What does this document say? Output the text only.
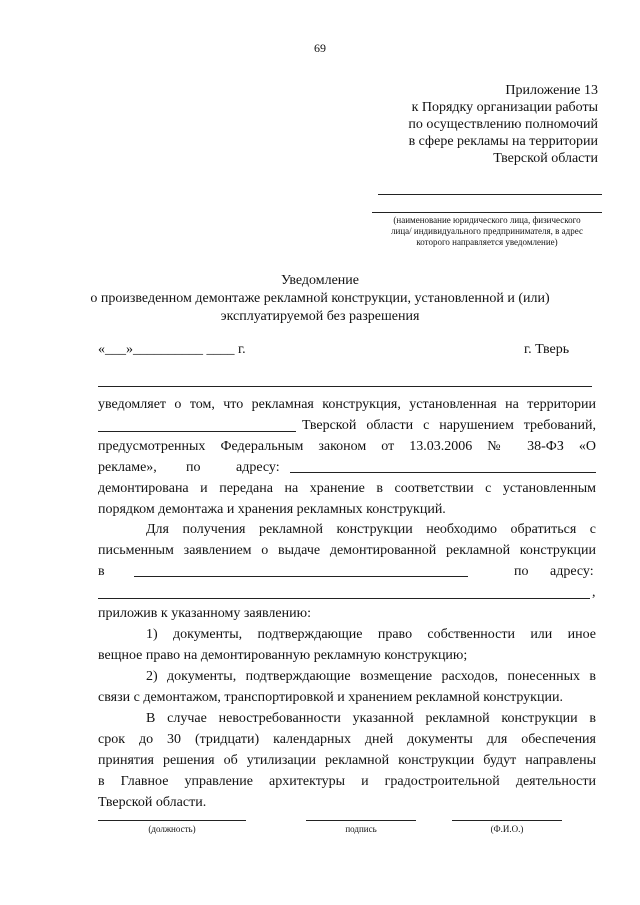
69
Приложение 13
к Порядку организации работы
по осуществлению полномочий
в сфере рекламы на территории
Тверской области
(наименование юридического лица, физического
лица/ индивидуального предпринимателя, в адрес
которого направляется уведомление)
Уведомление
о произведенном демонтаже рекламной конструкции, установленной и (или)
эксплуатируемой без разрешения
«___»__________ ____ г.	г. Тверь
уведомляет о том, что рекламная конструкция, установленная на территории
Тверской области с нарушением требований,
предусмотренных Федеральным законом от 13.03.2006 № 38-ФЗ «О
рекламе», по	адресу:
демонтирована и передана на хранение в соответствии с установленным
порядком демонтажа и хранения рекламных конструкций.
Для получения рекламной конструкции необходимо обратиться с
письменным заявлением о выдаче демонтированной рекламной конструкции
в	по адресу:
,
приложив к указанному заявлению:
1) документы, подтверждающие право собственности или иное
вещное право на демонтированную рекламную конструкцию;
2) документы, подтверждающие возмещение расходов, понесенных в
связи с демонтажом, транспортировкой и хранением рекламной конструкции.
В случае невостребованности указанной рекламной конструкции в
срок до 30 (тридцати) календарных дней документы для обеспечения
принятия решения об утилизации рекламной конструкции будут направлены
в Главное управление архитектуры и градостроительной деятельности
Тверской области.
(должность)	подпись	(Ф.И.О.)
